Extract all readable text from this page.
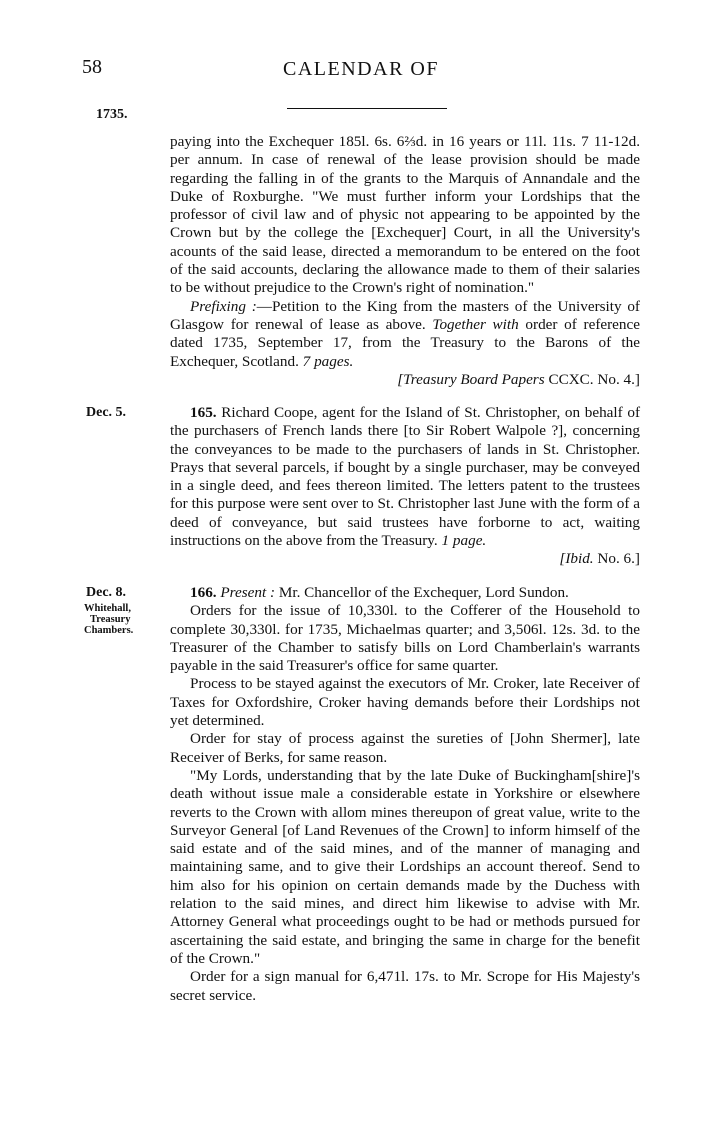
58	CALENDAR OF
1735.

paying into the Exchequer 185l. 6s. 6⅔d. in 16 years or 11l. 11s. 7 11-12d. per annum. In case of renewal of the lease provision should be made regarding the falling in of the grants to the Marquis of Annandale and the Duke of Roxburghe. "We must further inform your Lordships that the professor of civil law and of physic not appearing to be appointed by the Crown but by the college the [Exchequer] Court, in all the University's acounts of the said lease, directed a memorandum to be entered on the foot of the said accounts, declaring the allowance made to them of their salaries to be without prejudice to the Crown's right of nomination."

Prefixing :—Petition to the King from the masters of the University of Glasgow for renewal of lease as above. Together with order of reference dated 1735, September 17, from the Treasury to the Barons of the Exchequer, Scotland. 7 pages.

[Treasury Board Papers CCXC. No. 4.]

Dec. 5.	165. Richard Coope, agent for the Island of St. Christopher, on behalf of the purchasers of French lands there [to Sir Robert Walpole ?], concerning the conveyances to be made to the purchasers of lands in St. Christopher. Prays that several parcels, if bought by a single purchaser, may be conveyed in a single deed, and fees thereon limited. The letters patent to the trustees for this purpose were sent over to St. Christopher last June with the form of a deed of conveyance, but said trustees have forborne to act, waiting instructions on the above from the Treasury. 1 page.

[Ibid. No. 6.]

Dec. 8.
Whitehall,
Treasury
Chambers.

166. Present : Mr. Chancellor of the Exchequer, Lord Sundon.

Orders for the issue of 10,330l. to the Cofferer of the Household to complete 30,330l. for 1735, Michaelmas quarter; and 3,506l. 12s. 3d. to the Treasurer of the Chamber to satisfy bills on Lord Chamberlain's warrants payable in the said Treasurer's office for same quarter.

Process to be stayed against the executors of Mr. Croker, late Receiver of Taxes for Oxfordshire, Croker having demands before their Lordships not yet determined.

Order for stay of process against the sureties of [John Shermer], late Receiver of Berks, for same reason.

"My Lords, understanding that by the late Duke of Buckingham[shire]'s death without issue male a considerable estate in Yorkshire or elsewhere reverts to the Crown with allom mines thereupon of great value, write to the Surveyor General [of Land Revenues of the Crown] to inform himself of the said estate and of the said mines, and of the manner of managing and maintaining same, and to give their Lordships an account thereof. Send to him also for his opinion on certain demands made by the Duchess with relation to the said mines, and direct him likewise to advise with Mr. Attorney General what proceedings ought to be had or methods pursued for ascertaining the said estate, and bringing the same in charge for the benefit of the Crown."

Order for a sign manual for 6,471l. 17s. to Mr. Scrope for His Majesty's secret service.
